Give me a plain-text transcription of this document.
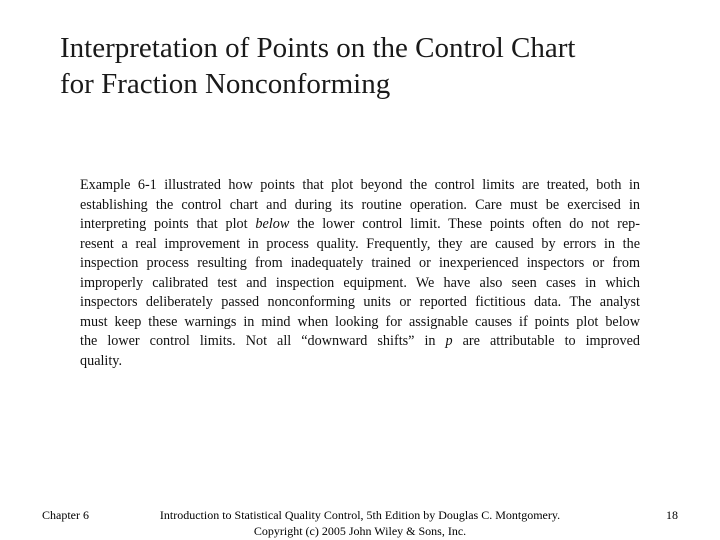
Interpretation of Points on the Control Chart
for Fraction Nonconforming
Example 6-1 illustrated how points that plot beyond the control limits are treated, both in
establishing the control chart and during its routine operation. Care must be exercised in
interpreting points that plot below the lower control limit. These points often do not rep-
resent a real improvement in process quality. Frequently, they are caused by errors in the
inspection process resulting from inadequately trained or inexperienced inspectors or from
improperly calibrated test and inspection equipment. We have also seen cases in which
inspectors deliberately passed nonconforming units or reported fictitious data. The analyst
must keep these warnings in mind when looking for assignable causes if points plot below
the lower control limits. Not all “downward shifts” in p are attributable to improved
quality.
Chapter 6	Introduction to Statistical Quality Control, 5th Edition by Douglas C. Montgomery.
Copyright (c) 2005 John Wiley & Sons, Inc.
18
